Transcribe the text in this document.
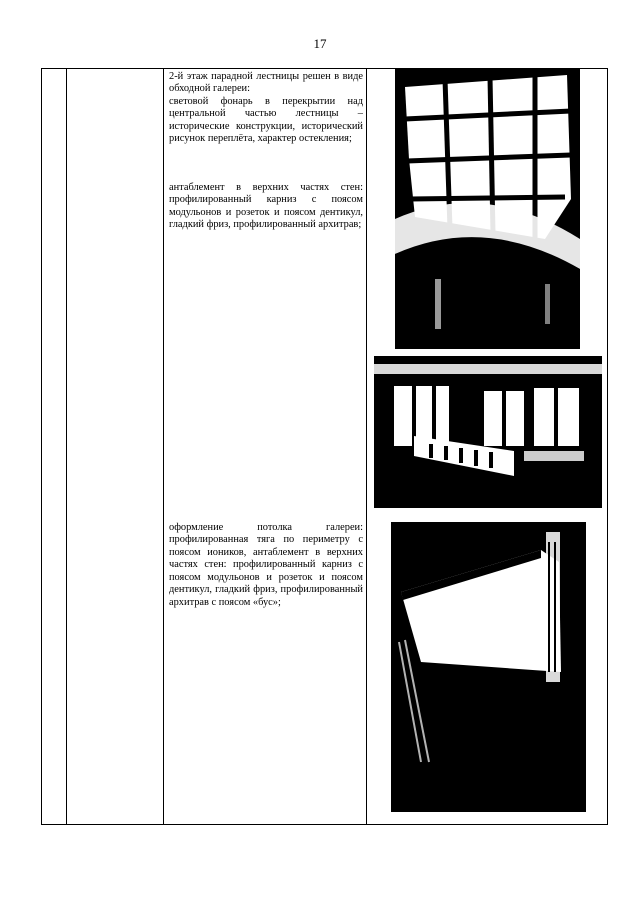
17

2-й этаж парадной лестницы решен в виде обходной галереи:

световой фонарь в перекрытии над центральной частью лестницы – исторические конструкции, исторический рисунок переплёта, характер остекления;

антаблемент в верхних частях стен: профилированный карниз с поясом модульонов и розеток и поясом дентикул, гладкий фриз, профилированный архитрав;

оформление потолка галереи: профилированная тяга по периметру с поясом иоников, антаблемент в верхних частях стен: профилированный карниз с поясом модульонов и розеток и поясом дентикул, гладкий фриз, профилированный архитрав с поясом «бус»;
